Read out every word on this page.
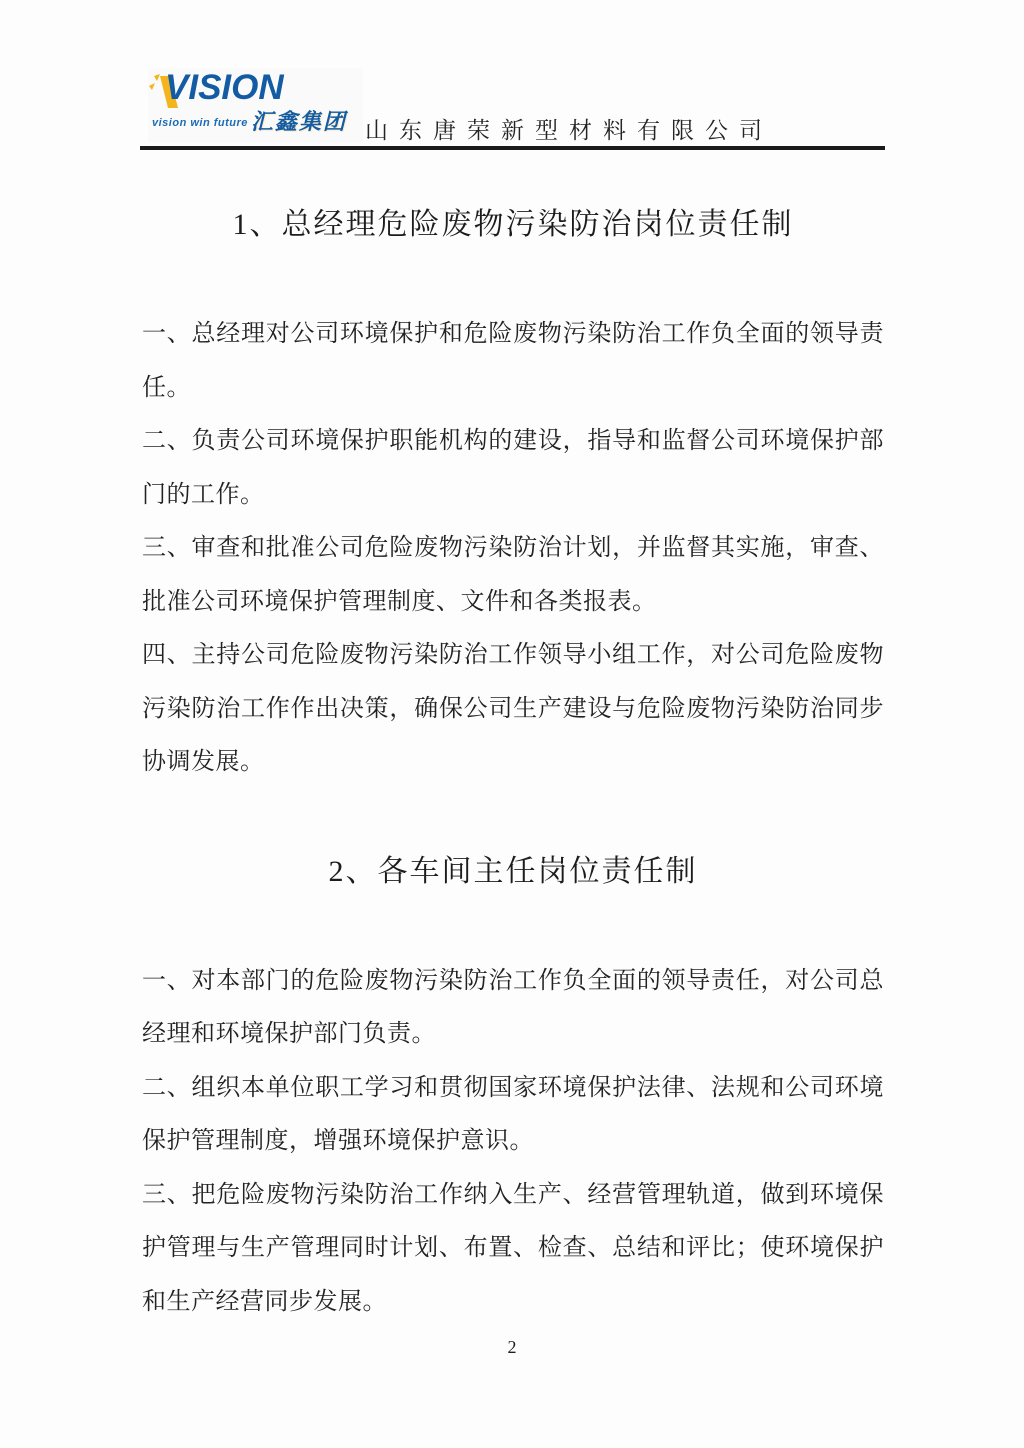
VISION
vision win future 汇鑫集团 山东唐荣新型材料有限公司
1、总经理危险废物污染防治岗位责任制

一、总经理对公司环境保护和危险废物污染防治工作负全面的领导责任。

二、负责公司环境保护职能机构的建设，指导和监督公司环境保护部门的工作。

三、审查和批准公司危险废物污染防治计划，并监督其实施，审查、批准公司环境保护管理制度、文件和各类报表。

四、主持公司危险废物污染防治工作领导小组工作，对公司危险废物污染防治工作作出决策，确保公司生产建设与危险废物污染防治同步协调发展。

2、各车间主任岗位责任制

一、对本部门的危险废物污染防治工作负全面的领导责任，对公司总经理和环境保护部门负责。

二、组织本单位职工学习和贯彻国家环境保护法律、法规和公司环境保护管理制度，增强环境保护意识。

三、把危险废物污染防治工作纳入生产、经营管理轨道，做到环境保护管理与生产管理同时计划、布置、检查、总结和评比；使环境保护和生产经营同步发展。

2
